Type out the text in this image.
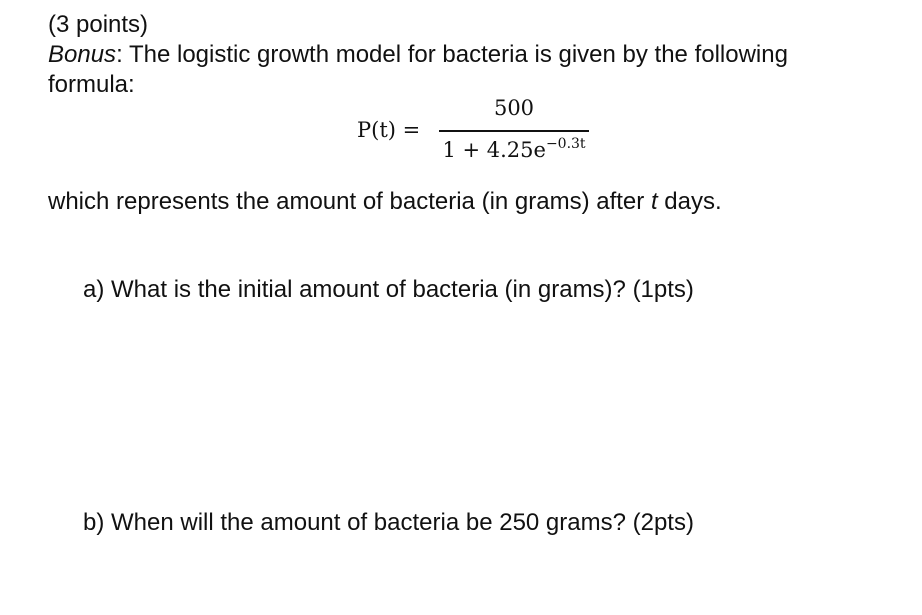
(3 points)
Bonus: The logistic growth model for bacteria is given by the following
formula:
P(t) =
500
$1 + 4.25e^{-0.3t}$
which represents the amount of bacteria (in grams) after t days.
a) What is the initial amount of bacteria (in grams)? (1pts)
b) When will the amount of bacteria be 250 grams? (2pts)
